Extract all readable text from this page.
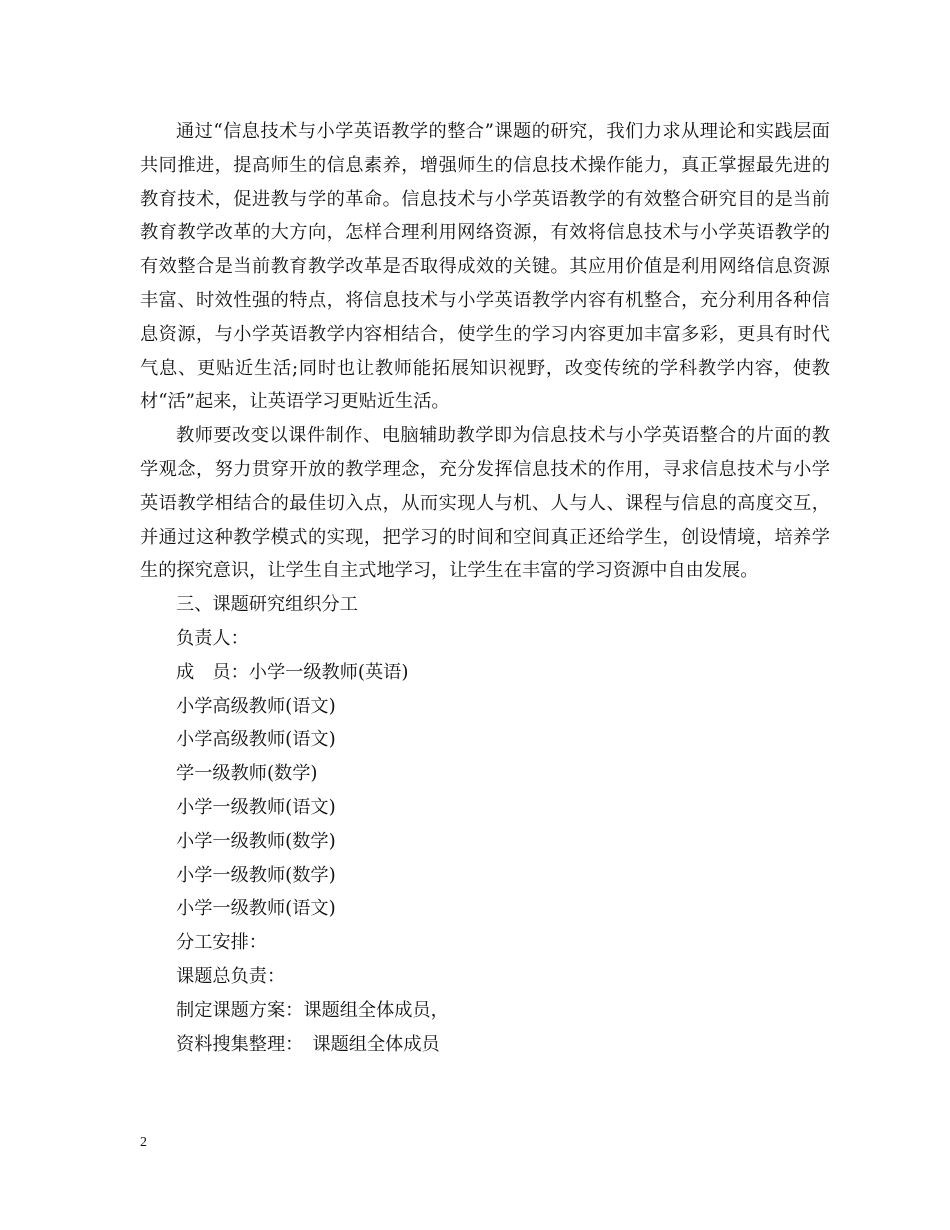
通过“信息技术与小学英语教学的整合”课题的研究，我们力求从理论和实践层面共同推进，提高师生的信息素养，增强师生的信息技术操作能力，真正掌握最先进的教育技术，促进教与学的革命。信息技术与小学英语教学的有效整合研究目的是当前教育教学改革的大方向，怎样合理利用网络资源，有效将信息技术与小学英语教学的有效整合是当前教育教学改革是否取得成效的关键。其应用价值是利用网络信息资源丰富、时效性强的特点，将信息技术与小学英语教学内容有机整合，充分利用各种信息资源，与小学英语教学内容相结合，使学生的学习内容更加丰富多彩，更具有时代气息、更贴近生活;同时也让教师能拓展知识视野，改变传统的学科教学内容，使教材“活”起来，让英语学习更贴近生活。

教师要改变以课件制作、电脑辅助教学即为信息技术与小学英语整合的片面的教学观念，努力贯穿开放的教学理念，充分发挥信息技术的作用，寻求信息技术与小学英语教学相结合的最佳切入点，从而实现人与机、人与人、课程与信息的高度交互，并通过这种教学模式的实现，把学习的时间和空间真正还给学生，创设情境，培养学生的探究意识，让学生自主式地学习，让学生在丰富的学习资源中自由发展。

三、课题研究组织分工

负责人：

成　员：小学一级教师(英语)

小学高级教师(语文)

小学高级教师(语文)

学一级教师(数学)

小学一级教师(语文)

小学一级教师(数学)

小学一级教师(数学)

小学一级教师(语文)

分工安排：

课题总负责：

制定课题方案：课题组全体成员，

资料搜集整理：　课题组全体成员

2
